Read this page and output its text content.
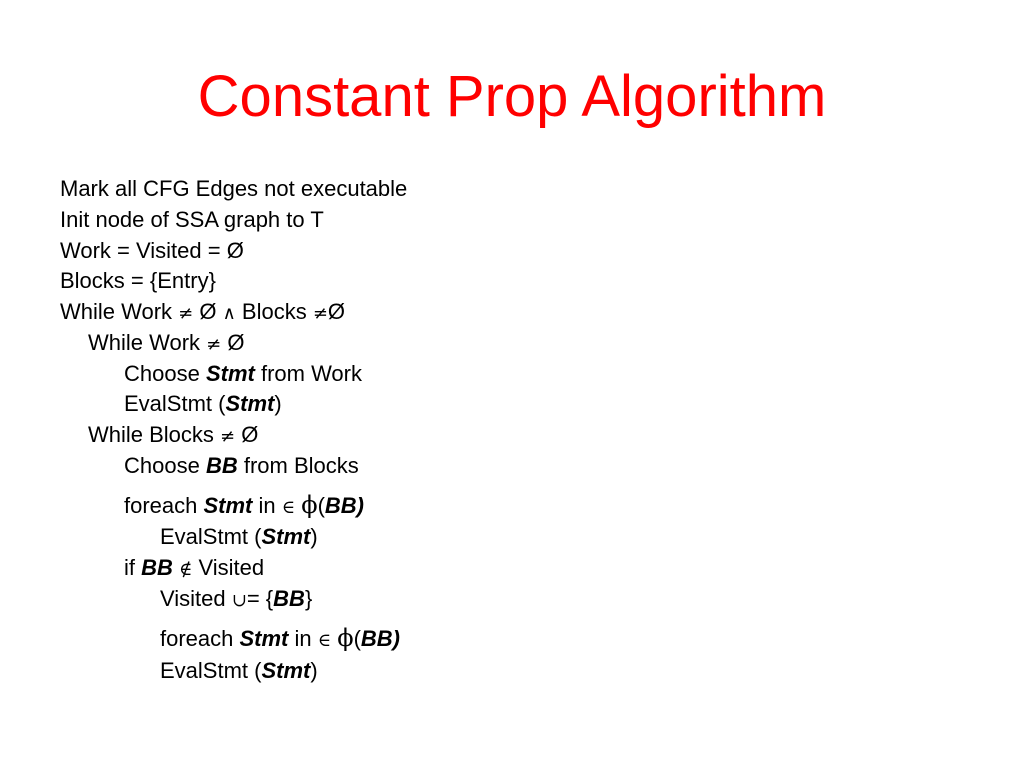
Constant Prop Algorithm
Mark all CFG Edges not executable
Init node of SSA graph to T
Work = Visited = Ø
Blocks = {Entry}
While Work ≠ Ø ∧ Blocks ≠Ø
While Work ≠ Ø
Choose Stmt from Work
EvalStmt (Stmt)
While Blocks ≠ Ø
Choose BB from Blocks
foreach Stmt in ∈ ϕ(BB)
EvalStmt (Stmt)
if BB ∉ Visited
Visited ∪= {BB}
foreach Stmt in ∈ ϕ(BB)
EvalStmt (Stmt)
